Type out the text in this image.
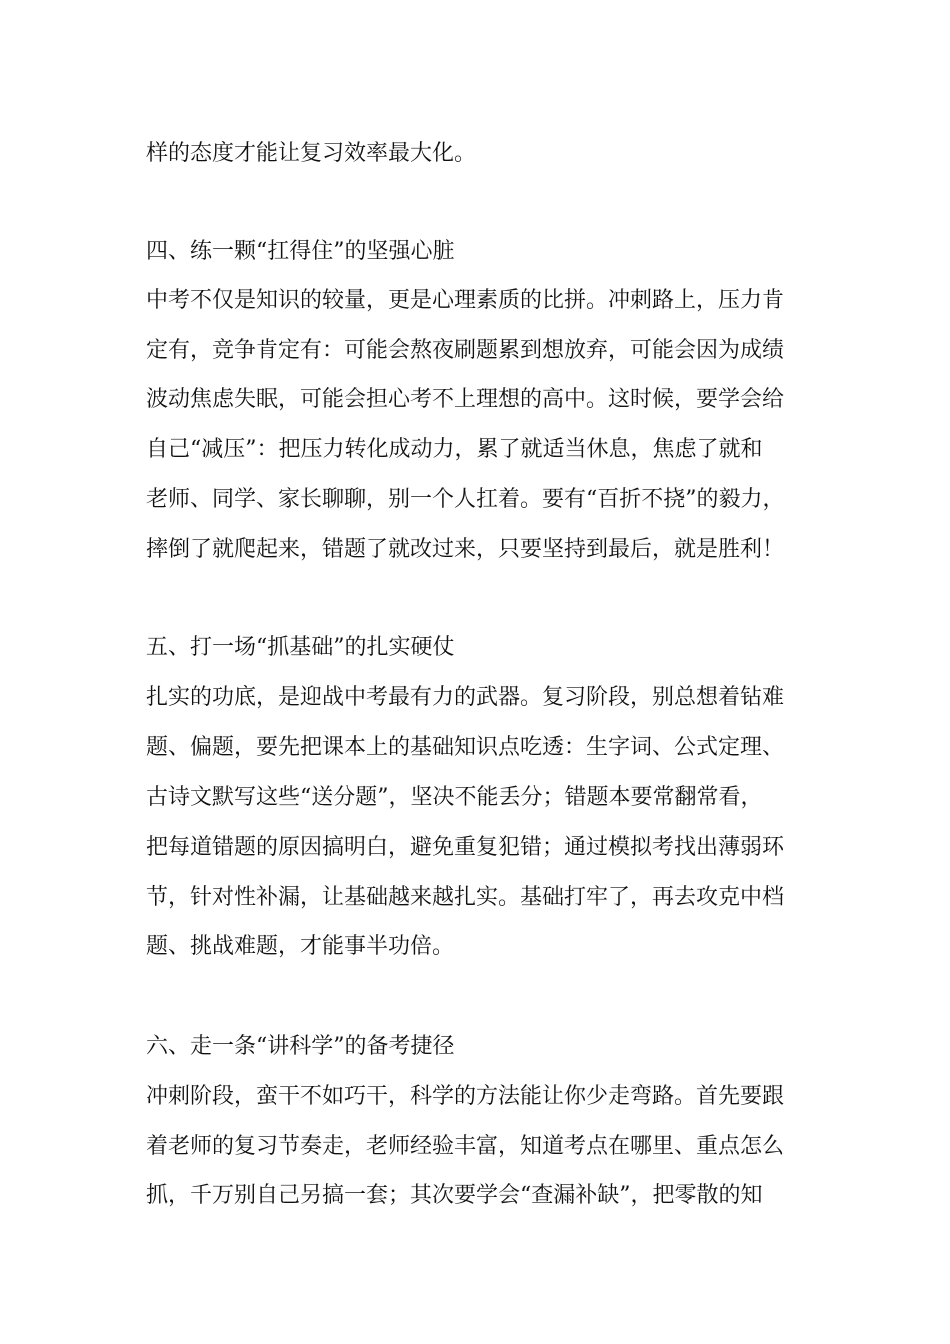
样的态度才能让复习效率最大化。
四、练一颗“扛得住”的坚强心脏
中考不仅是知识的较量，更是心理素质的比拼。冲刺路上，压力肯
定有，竞争肯定有：可能会熬夜刷题累到想放弃，可能会因为成绩
波动焦虑失眠，可能会担心考不上理想的高中。这时候，要学会给
自己“减压”：把压力转化成动力，累了就适当休息，焦虑了就和
老师、同学、家长聊聊，别一个人扛着。要有“百折不挠”的毅力，
摔倒了就爬起来，错题了就改过来，只要坚持到最后，就是胜利！
五、打一场“抓基础”的扎实硬仗
扎实的功底，是迎战中考最有力的武器。复习阶段，别总想着钻难
题、偏题，要先把课本上的基础知识点吃透：生字词、公式定理、
古诗文默写这些“送分题”，坚决不能丢分；错题本要常翻常看，
把每道错题的原因搞明白，避免重复犯错；通过模拟考找出薄弱环
节，针对性补漏，让基础越来越扎实。基础打牢了，再去攻克中档
题、挑战难题，才能事半功倍。
六、走一条“讲科学”的备考捷径
冲刺阶段，蛮干不如巧干，科学的方法能让你少走弯路。首先要跟
着老师的复习节奏走，老师经验丰富，知道考点在哪里、重点怎么
抓，千万别自己另搞一套；其次要学会“查漏补缺”，把零散的知
